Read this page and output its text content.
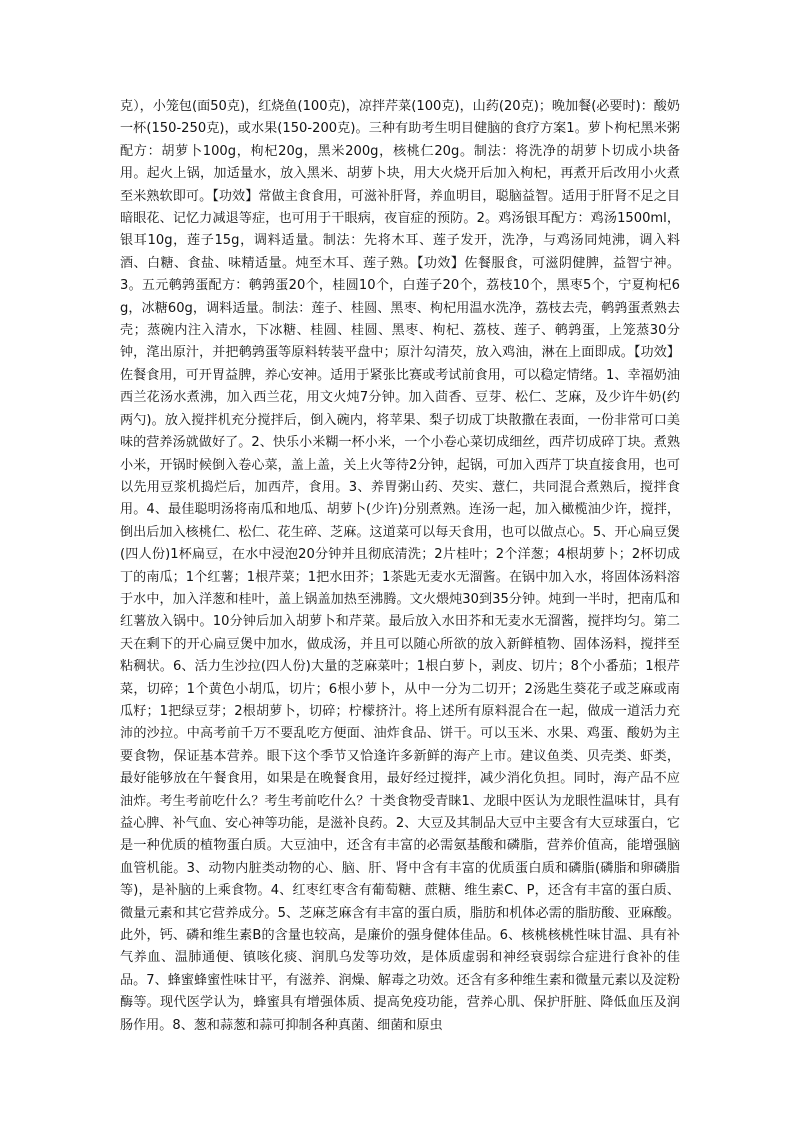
克），小笼包(面50克)，红烧鱼(100克)，凉拌芹菜(100克)，山药(20克)；晚加餐(必要时)：酸奶一杯(150-250克)，或水果(150-200克)。三种有助考生明目健脑的食疗方案1。萝卜枸杞黑米粥配方：胡萝卜100g，枸杞20g，黑米200g，核桃仁20g。制法：将洗净的胡萝卜切成小块备用。起火上锅，加适量水，放入黑米、胡萝卜块，用大火烧开后加入枸杞，再煮开后改用小火煮至米熟软即可。【功效】常做主食食用，可滋补肝肾，养血明目，聪脑益智。适用于肝肾不足之目暗眼花、记忆力减退等症，也可用于干眼病，夜盲症的预防。2。鸡汤银耳配方：鸡汤1500ml，银耳10g，莲子15g，调料适量。制法：先将木耳、莲子发开，洗净，与鸡汤同炖沸，调入料酒、白糖、食盐、味精适量。炖至木耳、莲子熟。【功效】佐餐服食，可滋阴健脾，益智宁神。3。五元鹌鹑蛋配方：鹌鹑蛋20个，桂圆10个，白莲子20个，荔枝10个，黑枣5个，宁夏枸杞6g，冰糖60g，调料适量。制法：莲子、桂圆、黑枣、枸杞用温水洗净，荔枝去壳，鹌鹑蛋煮熟去壳；蒸碗内注入清水，下冰糖、桂圆、桂圆、黑枣、枸杞、荔枝、莲子、鹌鹑蛋，上笼蒸30分钟，滗出原汁，并把鹌鹑蛋等原料转装平盘中；原汁勾清芡，放入鸡油，淋在上面即成。【功效】佐餐食用，可开胃益脾，养心安神。适用于紧张比赛或考试前食用，可以稳定情绪。1、幸福奶油西兰花汤水煮沸，加入西兰花，用文火炖7分钟。加入茴香、豆芽、松仁、芝麻，及少许牛奶(约两勺)。放入搅拌机充分搅拌后，倒入碗内，将苹果、梨子切成丁块散撒在表面，一份非常可口美味的营养汤就做好了。2、快乐小米糊一杯小米，一个小卷心菜切成细丝，西芹切成碎丁块。煮熟小米，开锅时候倒入卷心菜，盖上盖，关上火等待2分钟，起锅，可加入西芹丁块直接食用，也可以先用豆浆机捣烂后，加西芹，食用。3、养胃粥山药、芡实、薏仁，共同混合煮熟后，搅拌食用。4、最佳聪明汤将南瓜和地瓜、胡萝卜(少许)分别煮熟。连汤一起，加入橄榄油少许，搅拌，倒出后加入核桃仁、松仁、花生碎、芝麻。这道菜可以每天食用，也可以做点心。5、开心扁豆煲(四人份)1杯扁豆，在水中浸泡20分钟并且彻底清洗；2片桂叶；2个洋葱；4根胡萝卜；2杯切成丁的南瓜；1个红薯；1根芹菜；1把水田芥；1茶匙无麦水无溜酱。在锅中加入水，将固体汤料溶于水中，加入洋葱和桂叶，盖上锅盖加热至沸腾。文火煨炖30到35分钟。炖到一半时，把南瓜和红薯放入锅中。10分钟后加入胡萝卜和芹菜。最后放入水田芥和无麦水无溜酱，搅拌均匀。第二天在剩下的开心扁豆煲中加水，做成汤，并且可以随心所欲的放入新鲜植物、固体汤料，搅拌至粘稠状。6、活力生沙拉(四人份)大量的芝麻菜叶；1根白萝卜，剥皮、切片；8个小番茄；1根芹菜，切碎；1个黄色小胡瓜，切片；6根小萝卜，从中一分为二切开；2汤匙生葵花子或芝麻或南瓜籽；1把绿豆芽；2根胡萝卜，切碎；柠檬挤汁。将上述所有原料混合在一起，做成一道活力充沛的沙拉。中高考前千万不要乱吃方便面、油炸食品、饼干。可以玉米、水果、鸡蛋、酸奶为主要食物，保证基本营养。眼下这个季节又恰逢许多新鲜的海产上市。建议鱼类、贝壳类、虾类，最好能够放在午餐食用，如果是在晚餐食用，最好经过搅拌，减少消化负担。同时，海产品不应油炸。考生考前吃什么？考生考前吃什么？十类食物受青睐1、龙眼中医认为龙眼性温味甘，具有益心脾、补气血、安心神等功能，是滋补良药。2、大豆及其制品大豆中主要含有大豆球蛋白，它是一种优质的植物蛋白质。大豆油中，还含有丰富的必需氨基酸和磷脂，营养价值高，能增强脑血管机能。3、动物内脏类动物的心、脑、肝、肾中含有丰富的优质蛋白质和磷脂(磷脂和卵磷脂等)，是补脑的上乘食物。4、红枣红枣含有葡萄糖、蔗糖、维生素C、P，还含有丰富的蛋白质、微量元素和其它营养成分。5、芝麻芝麻含有丰富的蛋白质，脂肪和机体必需的脂肪酸、亚麻酸。此外，钙、磷和维生素B的含量也较高，是廉价的强身健体佳品。6、核桃核桃性味甘温、具有补气养血、温肺通便、镇咳化痰、润肌乌发等功效，是体质虚弱和神经衰弱综合症进行食补的佳品。7、蜂蜜蜂蜜性味甘平，有滋养、润燥、解毒之功效。还含有多种维生素和微量元素以及淀粉酶等。现代医学认为，蜂蜜具有增强体质、提高免疫功能，营养心肌、保护肝脏、降低血压及润肠作用。8、葱和蒜葱和蒜可抑制各种真菌、细菌和原虫
